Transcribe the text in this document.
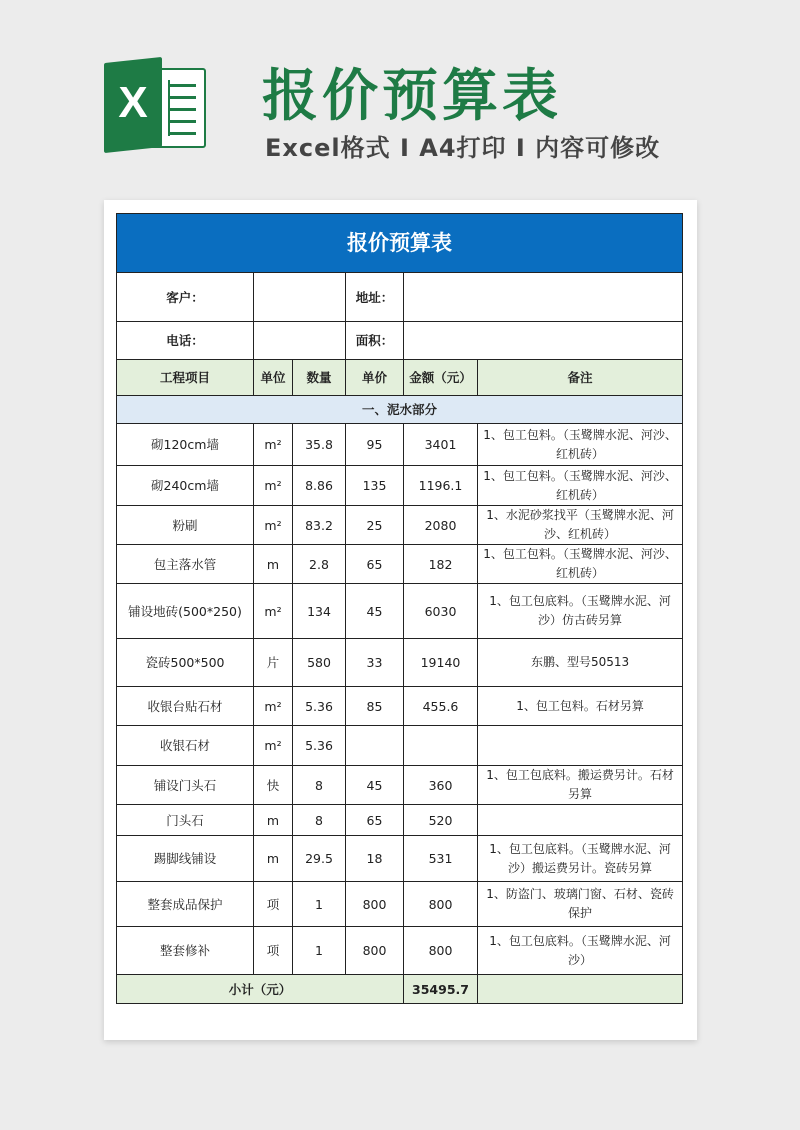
X 报价预算表
Excel格式 I A4打印 I 内容可修改
报价预算表					
客户：			地址：		
电话：			面积：		
工程项目	单位	数量	单价	金额（元）	备注
一、泥水部分					
砌120cm墙	m²	35.8	95	3401	1、包工包料。（玉鹭牌水泥、河沙、红机砖）
砌240cm墙	m²	8.86	135	1196.1	1、包工包料。（玉鹭牌水泥、河沙、红机砖）
粉刷	m²	83.2	25	2080	1、水泥砂浆找平（玉鹭牌水泥、河沙、红机砖）
包主落水管	m	2.8	65	182	1、包工包料。（玉鹭牌水泥、河沙、红机砖）
铺设地砖(500*250)	m²	134	45	6030	1、包工包底料。（玉鹭牌水泥、河沙）仿古砖另算
瓷砖500*500	片	580	33	19140	东鹏、型号50513
收银台贴石材	m²	5.36	85	455.6	1、包工包料。石材另算
收银石材	m²	5.36			
铺设门头石	快	8	45	360	1、包工包底料。搬运费另计。石材另算
门头石	m	8	65	520	
踢脚线铺设	m	29.5	18	531	1、包工包底料。（玉鹭牌水泥、河沙）搬运费另计。瓷砖另算
整套成品保护	项	1	800	800	1、防盗门、玻璃门窗、石材、瓷砖保护
整套修补	项	1	800	800	1、包工包底料。（玉鹭牌水泥、河沙）
小计（元）				35495.7	
